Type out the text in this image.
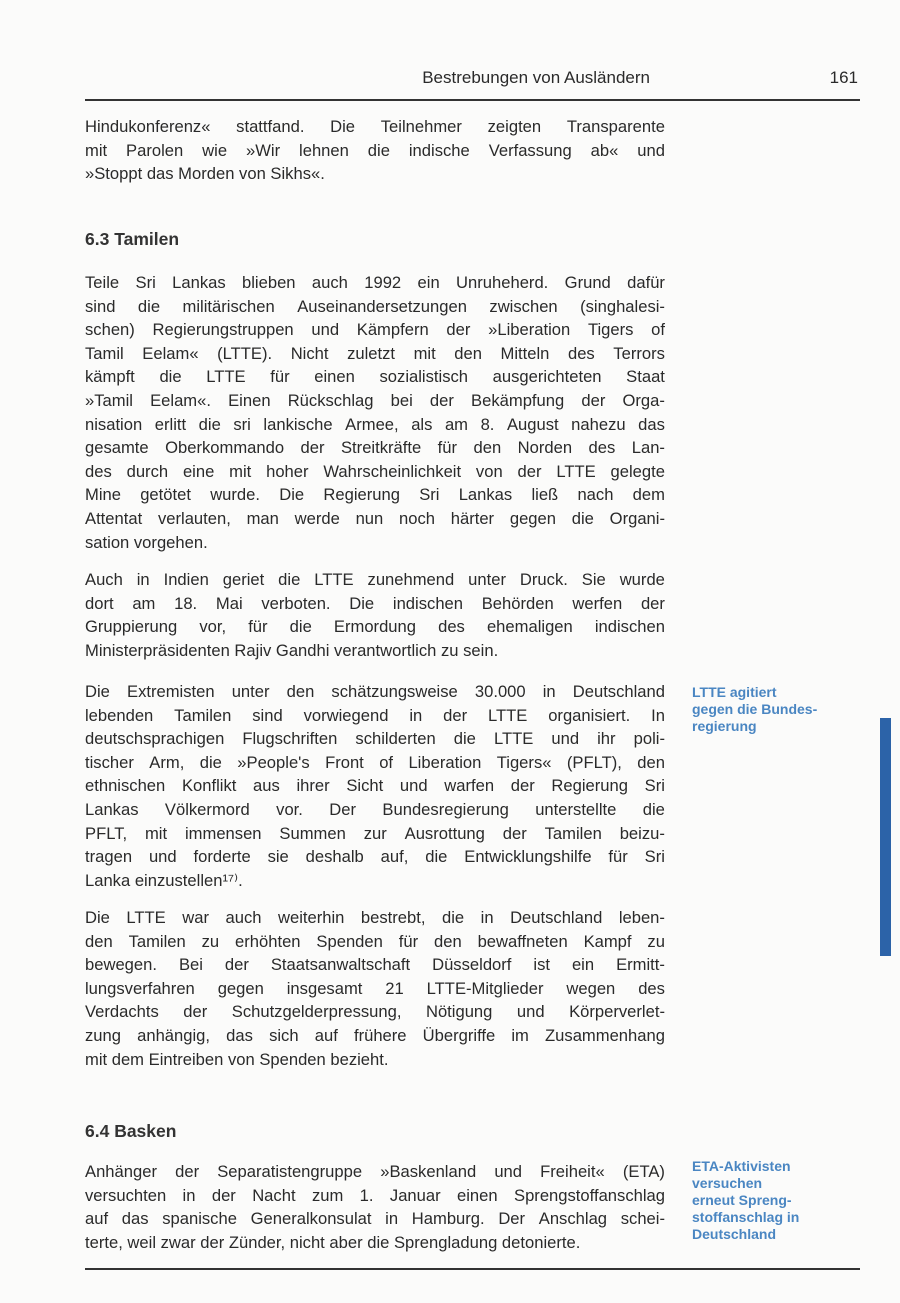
Bestrebungen von Ausländern	161
Hindukonferenz« stattfand. Die Teilnehmer zeigten Transparente
mit Parolen wie »Wir lehnen die indische Verfassung ab« und
»Stoppt das Morden von Sikhs«.
6.3 Tamilen
Teile Sri Lankas blieben auch 1992 ein Unruheherd. Grund dafür
sind die militärischen Auseinandersetzungen zwischen (singhalesi-
schen) Regierungstruppen und Kämpfern der »Liberation Tigers of
Tamil Eelam« (LTTE). Nicht zuletzt mit den Mitteln des Terrors
kämpft die LTTE für einen sozialistisch ausgerichteten Staat
»Tamil Eelam«. Einen Rückschlag bei der Bekämpfung der Orga-
nisation erlitt die sri lankische Armee, als am 8. August nahezu das
gesamte Oberkommando der Streitkräfte für den Norden des Lan-
des durch eine mit hoher Wahrscheinlichkeit von der LTTE gelegte
Mine getötet wurde. Die Regierung Sri Lankas ließ nach dem
Attentat verlauten, man werde nun noch härter gegen die Organi-
sation vorgehen.
Auch in Indien geriet die LTTE zunehmend unter Druck. Sie wurde
dort am 18. Mai verboten. Die indischen Behörden werfen der
Gruppierung vor, für die Ermordung des ehemaligen indischen
Ministerpräsidenten Rajiv Gandhi verantwortlich zu sein.
Die Extremisten unter den schätzungsweise 30.000 in Deutschland
lebenden Tamilen sind vorwiegend in der LTTE organisiert. In
deutschsprachigen Flugschriften schilderten die LTTE und ihr poli-
tischer Arm, die »People's Front of Liberation Tigers« (PFLT), den
ethnischen Konflikt aus ihrer Sicht und warfen der Regierung Sri
Lankas Völkermord vor. Der Bundesregierung unterstellte die
PFLT, mit immensen Summen zur Ausrottung der Tamilen beizu-
tragen und forderte sie deshalb auf, die Entwicklungshilfe für Sri
Lanka einzustellen¹⁷⁾.
Die LTTE war auch weiterhin bestrebt, die in Deutschland leben-
den Tamilen zu erhöhten Spenden für den bewaffneten Kampf zu
bewegen. Bei der Staatsanwaltschaft Düsseldorf ist ein Ermitt-
lungsverfahren gegen insgesamt 21 LTTE-Mitglieder wegen des
Verdachts der Schutzgelderpressung, Nötigung und Körperverlet-
zung anhängig, das sich auf frühere Übergriffe im Zusammenhang
mit dem Eintreiben von Spenden bezieht.
6.4 Basken
Anhänger der Separatistengruppe »Baskenland und Freiheit« (ETA)
versuchten in der Nacht zum 1. Januar einen Sprengstoffanschlag
auf das spanische Generalkonsulat in Hamburg. Der Anschlag schei-
terte, weil zwar der Zünder, nicht aber die Sprengladung detonierte.
LTTE agitiert
gegen die Bundes-
regierung
ETA-Aktivisten
versuchen
erneut Spreng-
stoffanschlag in
Deutschland
